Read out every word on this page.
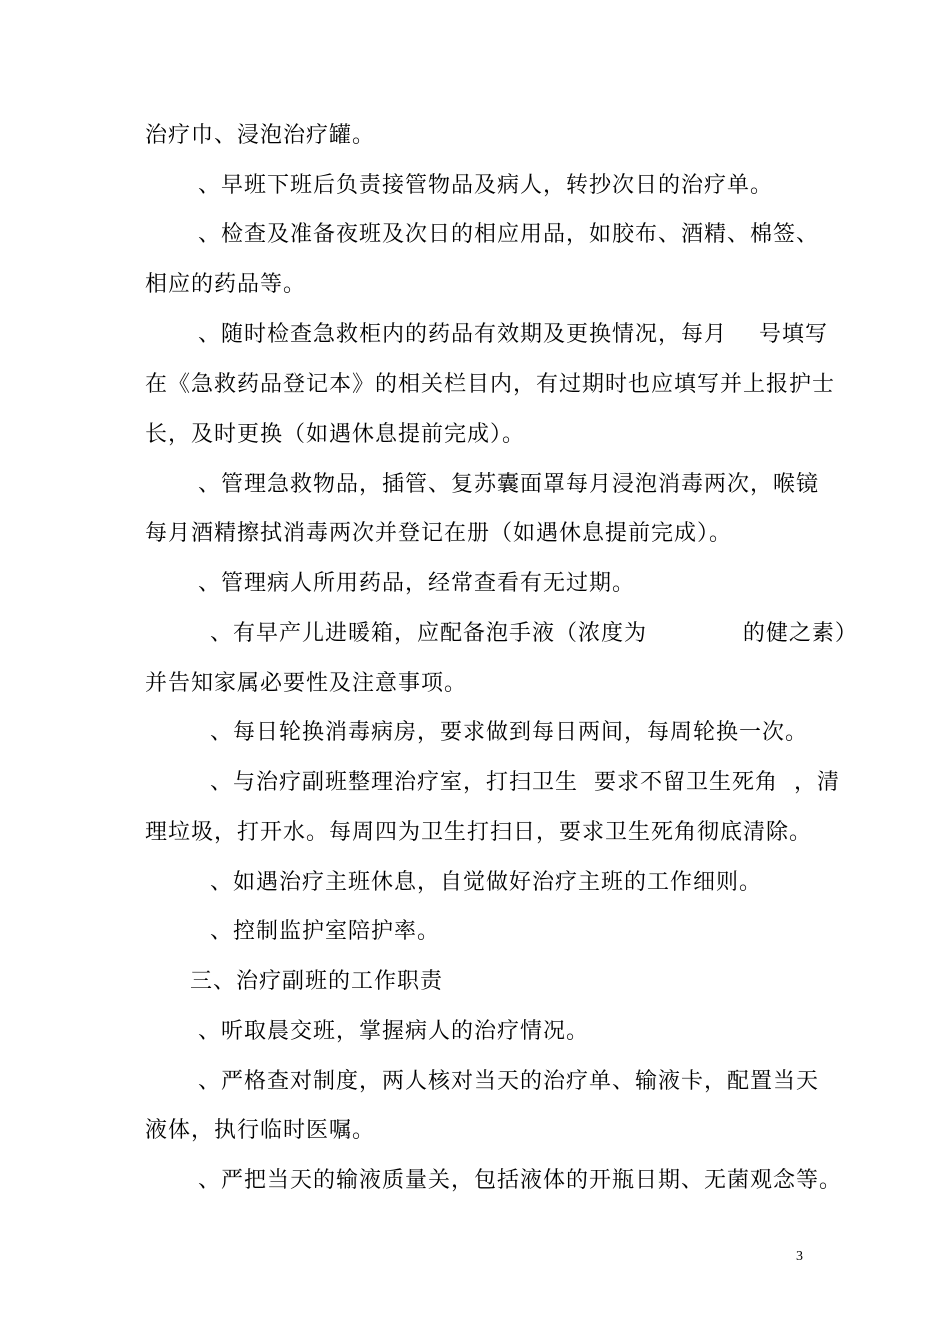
治疗巾、浸泡治疗罐。
、早班下班后负责接管物品及病人，转抄次日的治疗单。
、检查及准备夜班及次日的相应用品，如胶布、酒精、棉签、
相应的药品等。
、随时检查急救柜内的药品有效期及更换情况，每月    号填写
在《急救药品登记本》的相关栏目内，有过期时也应填写并上报护士
长，及时更换（如遇休息提前完成）。
、管理急救物品，插管、复苏囊面罩每月浸泡消毒两次，喉镜
每月酒精擦拭消毒两次并登记在册（如遇休息提前完成）。
、管理病人所用药品，经常查看有无过期。
、有早产儿进暖箱，应配备泡手液（浓度为            的健之素）
并告知家属必要性及注意事项。
、每日轮换消毒病房，要求做到每日两间，每周轮换一次。
、与治疗副班整理治疗室，打扫卫生  要求不留卫生死角  ，清
理垃圾，打开水。每周四为卫生打扫日，要求卫生死角彻底清除。
、如遇治疗主班休息，自觉做好治疗主班的工作细则。
、控制监护室陪护率。
三、治疗副班的工作职责
、听取晨交班，掌握病人的治疗情况。
、严格查对制度，两人核对当天的治疗单、输液卡，配置当天
液体，执行临时医嘱。
、严把当天的输液质量关，包括液体的开瓶日期、无菌观念等。
3
